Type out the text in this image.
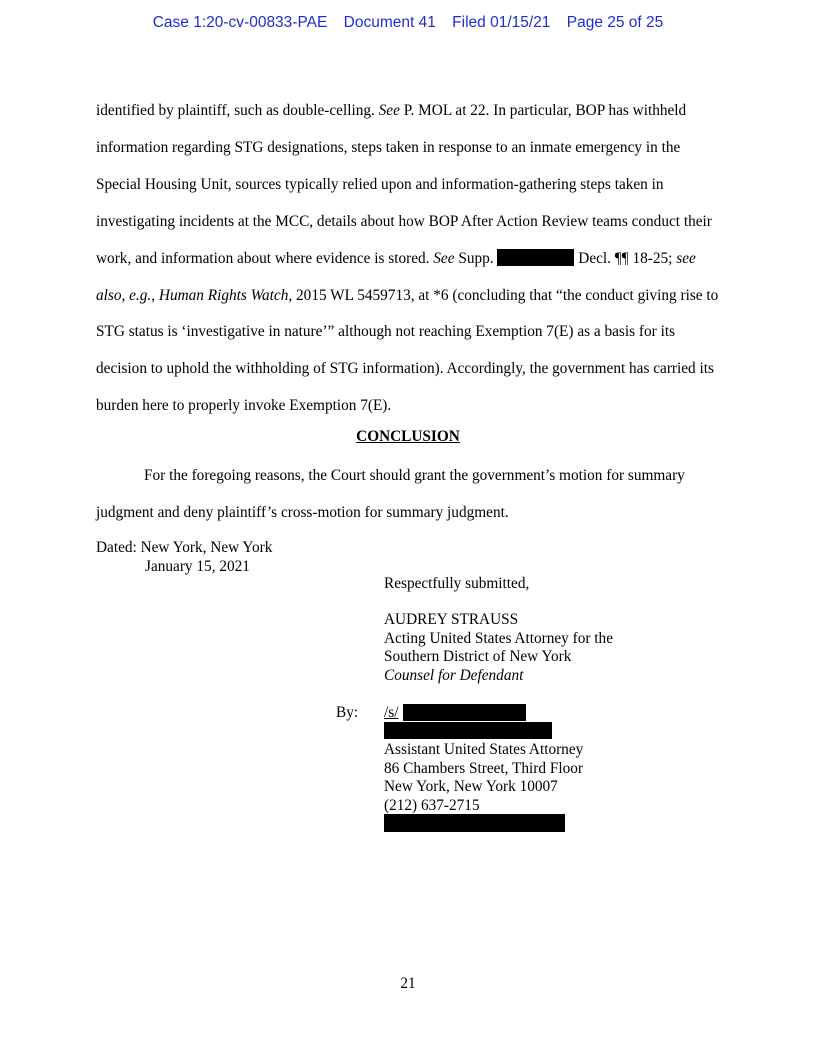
Case 1:20-cv-00833-PAE Document 41 Filed 01/15/21 Page 25 of 25

identified by plaintiff, such as double-celling. See P. MOL at 22. In particular, BOP has withheld information regarding STG designations, steps taken in response to an inmate emergency in the Special Housing Unit, sources typically relied upon and information-gathering steps taken in investigating incidents at the MCC, details about how BOP After Action Review teams conduct their work, and information about where evidence is stored. See Supp.	Decl. ¶¶ 18-25; see also, e.g., Human Rights Watch, 2015 WL 5459713, at *6 (concluding that “the conduct giving rise to STG status is ‘investigative in nature’” although not reaching Exemption 7(E) as a basis for its decision to uphold the withholding of STG information). Accordingly, the government has carried its burden here to properly invoke Exemption 7(E).

CONCLUSION

For the foregoing reasons, the Court should grant the government’s motion for summary judgment and deny plaintiff’s cross-motion for summary judgment.

Dated: New York, New York
January 15, 2021
Respectfully submitted,
AUDREY STRAUSS
Acting United States Attorney for the
Southern District of New York
Counsel for Defendant
By: /s/
Assistant United States Attorney
86 Chambers Street, Third Floor
New York, New York 10007
(212) 637-2715
21
